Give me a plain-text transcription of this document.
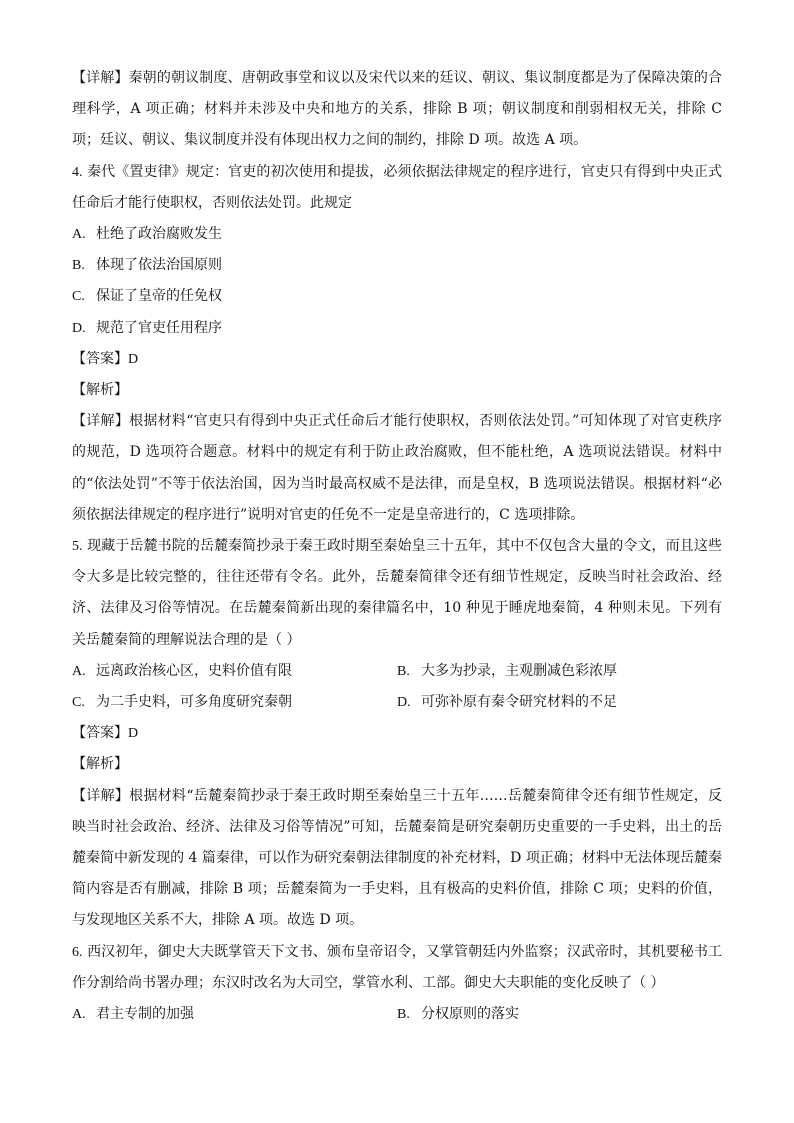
【详解】秦朝的朝议制度、唐朝政事堂和议以及宋代以来的廷议、朝议、集议制度都是为了保障决策的合理科学，A 项正确；材料并未涉及中央和地方的关系，排除 B 项；朝议制度和削弱相权无关，排除 C 项；廷议、朝议、集议制度并没有体现出权力之间的制约，排除 D 项。故选 A 项。

4. 秦代《置吏律》规定：官吏的初次使用和提拔，必须依据法律规定的程序进行，官吏只有得到中央正式任命后才能行使职权，否则依法处罚。此规定

A. 杜绝了政治腐败发生

B. 体现了依法治国原则

C. 保证了皇帝的任免权

D. 规范了官吏任用程序

【答案】D

【解析】

【详解】根据材料“官吏只有得到中央正式任命后才能行使职权，否则依法处罚。”可知体现了对官吏秩序的规范，D 选项符合题意。材料中的规定有利于防止政治腐败，但不能杜绝，A 选项说法错误。材料中的“依法处罚”不等于依法治国，因为当时最高权威不是法律，而是皇权，B 选项说法错误。根据材料“必须依据法律规定的程序进行”说明对官吏的任免不一定是皇帝进行的，C 选项排除。

5. 现藏于岳麓书院的岳麓秦简抄录于秦王政时期至秦始皇三十五年，其中不仅包含大量的令文，而且这些令大多是比较完整的，往往还带有令名。此外，岳麓秦简律令还有细节性规定，反映当时社会政治、经济、法律及习俗等情况。在岳麓秦简新出现的秦律篇名中，10 种见于睡虎地秦简，4 种则未见。下列有关岳麓秦简的理解说法合理的是（ ）

A. 远离政治核心区，史料价值有限	B. 大多为抄录，主观删减色彩浓厚
C. 为二手史料，可多角度研究秦朝	D. 可弥补原有秦令研究材料的不足

【答案】D

【解析】

【详解】根据材料“岳麓秦简抄录于秦王政时期至秦始皇三十五年……岳麓秦简律令还有细节性规定，反映当时社会政治、经济、法律及习俗等情况”可知，岳麓秦简是研究秦朝历史重要的一手史料，出土的岳麓秦简中新发现的 4 篇秦律，可以作为研究秦朝法律制度的补充材料，D 项正确；材料中无法体现岳麓秦简内容是否有删减，排除 B 项；岳麓秦简为一手史料，且有极高的史料价值，排除 C 项；史料的价值，与发现地区关系不大，排除 A 项。故选 D 项。

6. 西汉初年，御史大夫既掌管天下文书、颁布皇帝诏令，又掌管朝廷内外监察；汉武帝时，其机要秘书工作分割给尚书署办理；东汉时改名为大司空，掌管水利、工部。御史大夫职能的变化反映了（ ）

A. 君主专制的加强	B. 分权原则的落实
